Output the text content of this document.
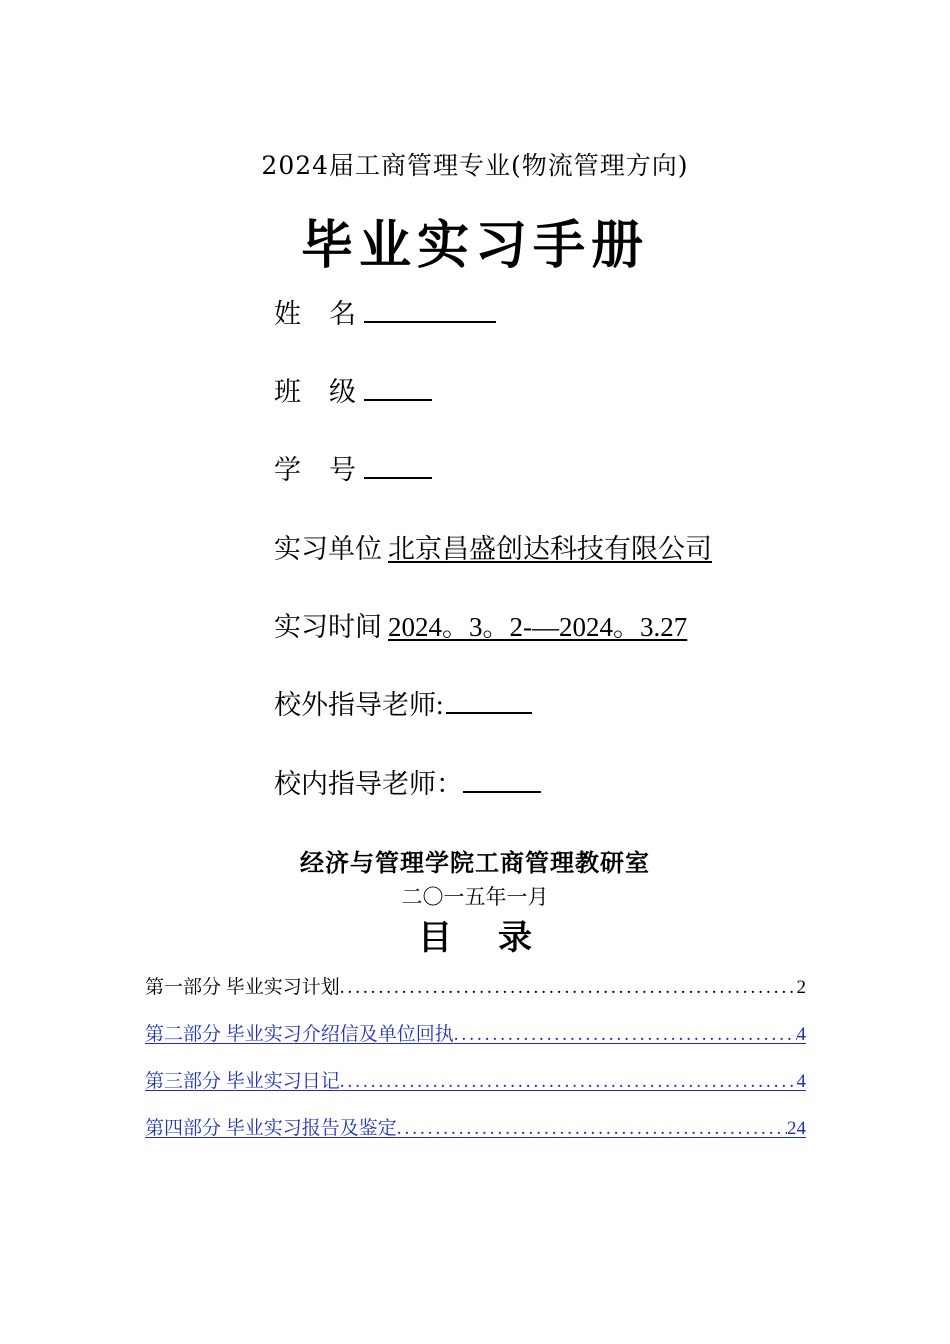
2024届工商管理专业(物流管理方向)
毕业实习手册
姓名
班级
学号
实习单位 北京昌盛创达科技有限公司
实习时间 2024。3。2-—2024。3.27
校外指导老师:
校内指导老师：
经济与管理学院工商管理教研室
二〇一五年一月
目录
第一部分 毕业实习计划 .....	2
第二部分 毕业实习介绍信及单位回执 .....	4
第三部分 毕业实习日记 .....	4
第四部分 毕业实习报告及鉴定 .....	24
